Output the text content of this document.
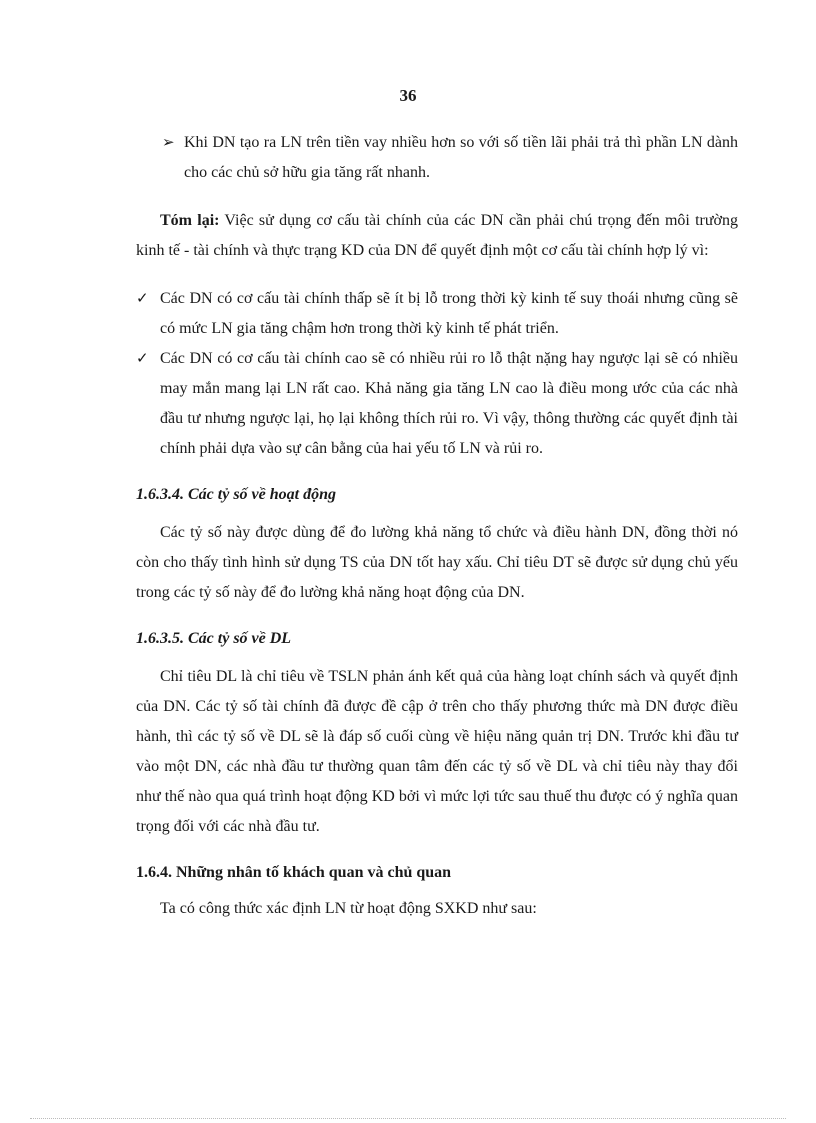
36
➢ Khi DN tạo ra LN trên tiền vay nhiều hơn so với số tiền lãi phải trả thì phần LN dành cho các chủ sở hữu gia tăng rất nhanh.

Tóm lại: Việc sử dụng cơ cấu tài chính của các DN cần phải chú trọng đến môi trường kinh tế - tài chính và thực trạng KD của DN để quyết định một cơ cấu tài chính hợp lý vì:

✓ Các DN có cơ cấu tài chính thấp sẽ ít bị lỗ trong thời kỳ kinh tế suy thoái nhưng cũng sẽ có mức LN gia tăng chậm hơn trong thời kỳ kinh tế phát triển.
✓ Các DN có cơ cấu tài chính cao sẽ có nhiều rủi ro lỗ thật nặng hay ngược lại sẽ có nhiều may mắn mang lại LN rất cao. Khả năng gia tăng LN cao là điều mong ước của các nhà đầu tư nhưng ngược lại, họ lại không thích rủi ro. Vì vậy, thông thường các quyết định tài chính phải dựa vào sự cân bằng của hai yếu tố LN và rủi ro.

1.6.3.4. Các tỷ số về hoạt động

Các tỷ số này được dùng để đo lường khả năng tổ chức và điều hành DN, đồng thời nó còn cho thấy tình hình sử dụng TS của DN tốt hay xấu. Chỉ tiêu DT sẽ được sử dụng chủ yếu trong các tỷ số này để đo lường khả năng hoạt động của DN.

1.6.3.5. Các tỷ số về DL

Chỉ tiêu DL là chỉ tiêu về TSLN phản ánh kết quả của hàng loạt chính sách và quyết định của DN. Các tỷ số tài chính đã được đề cập ở trên cho thấy phương thức mà DN được điều hành, thì các tỷ số về DL sẽ là đáp số cuối cùng về hiệu năng quản trị DN. Trước khi đầu tư vào một DN, các nhà đầu tư thường quan tâm đến các tỷ số về DL và chỉ tiêu này thay đổi như thế nào qua quá trình hoạt động KD bởi vì mức lợi tức sau thuế thu được có ý nghĩa quan trọng đối với các nhà đầu tư.

1.6.4. Những nhân tố khách quan và chủ quan

Ta có công thức xác định LN từ hoạt động SXKD như sau:
